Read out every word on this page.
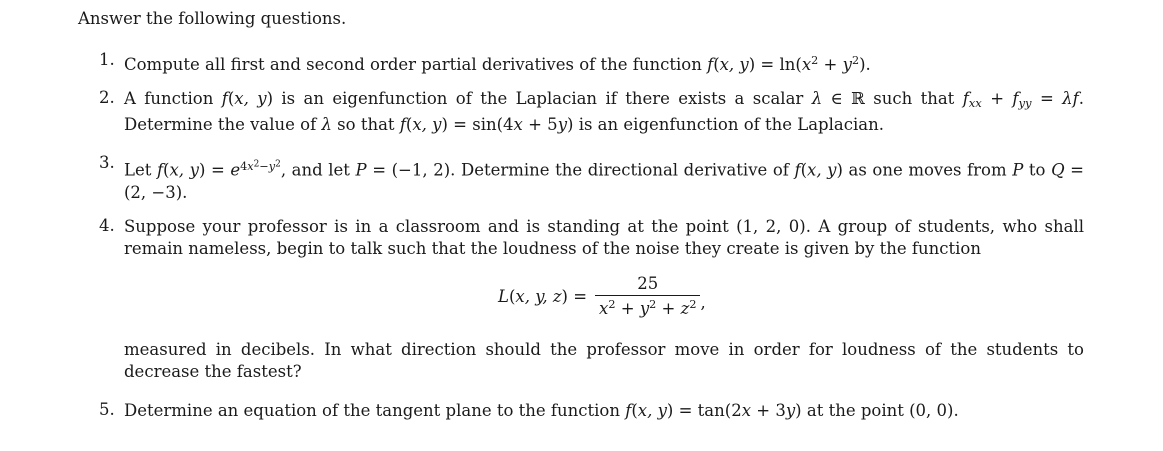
Answer the following questions.
1. Compute all first and second order partial derivatives of the function f(x, $y) = \ln(x^2 + y^2)$.
2. A function f(x, y) is an eigenfunction of the Laplacian if there exists a scalar λ ∈ ℝ such that $f_{xx} + f_{yy} = \lambda f$. Determine the value of λ so that f(x, y) = sin(4x + 5y) is an eigenfunction of the Laplacian.
3. Let f(x, $y) = e^{4x^2-y^2}$, and let P = (−1, 2). Determine the directional derivative of f(x, y) as one moves from P to Q = (2, −3).
4. Suppose your professor is in a classroom and is standing at the point (1, 2, 0). A group of students, who shall remain nameless, begin to talk such that the loudness of the noise they create is given by the function
L(x, y, $z) = \frac{25}{x^2 + y^2 + z^2}$ ,
measured in decibels. In what direction should the professor move in order for loudness of the students to decrease the fastest?
5. Determine an equation of the tangent plane to the function f(x, y) = tan(2x + 3y) at the point (0, 0).
